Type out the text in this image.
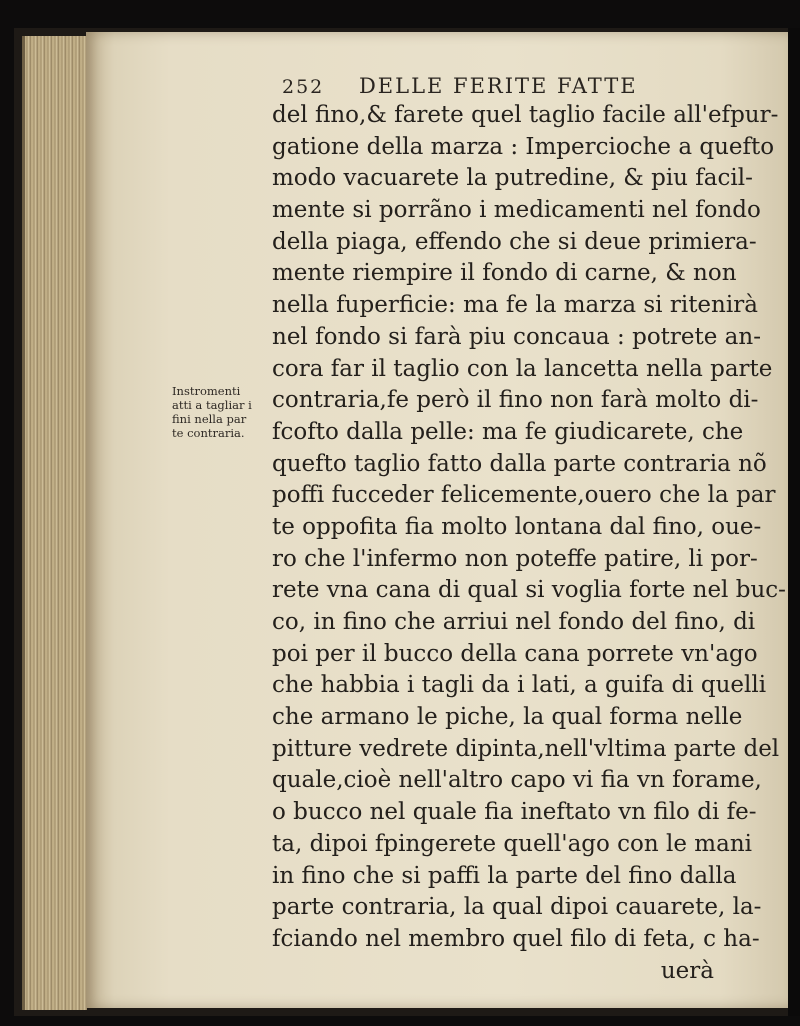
252 DELLE FERITE FATTE
Instromenti
atti a tagliar i
fini nella par
te contraria.
del fino,& farete quel taglio facile all'efpur-
gatione della marza : Impercioche a quefto
modo vacuarete la putredine, & piu facil-
mente si porrãno i medicamenti nel fondo
della piaga, effendo che si deue primiera-
mente riempire il fondo di carne, & non
nella fuperficie: ma fe la marza si ritenirà
nel fondo si farà piu concaua : potrete an-
cora far il taglio con la lancetta nella parte
contraria,fe però il fino non farà molto di-
fcofto dalla pelle: ma fe giudicarete, che
quefto taglio fatto dalla parte contraria nõ
poffi fucceder felicemente,ouero che la par
te oppofita fia molto lontana dal fino, oue-
ro che l'infermo non poteffe patire, li por-
rete vna cana di qual si voglia forte nel buc-
co, in fino che arriui nel fondo del fino, di
poi per il bucco della cana porrete vn'ago
che habbia i tagli da i lati, a guifa di quelli
che armano le piche, la qual forma nelle
pitture vedrete dipinta,nell'vltima parte del
quale,cioè nell'altro capo vi fia vn forame,
o bucco nel quale fia ineftato vn filo di fe-
ta, dipoi fpingerete quell'ago con le mani
in fino che si paffi la parte del fino dalla
parte contraria, la qual dipoi cauarete, la-
fciando nel membro quel filo di feta, c ha-
uerà
